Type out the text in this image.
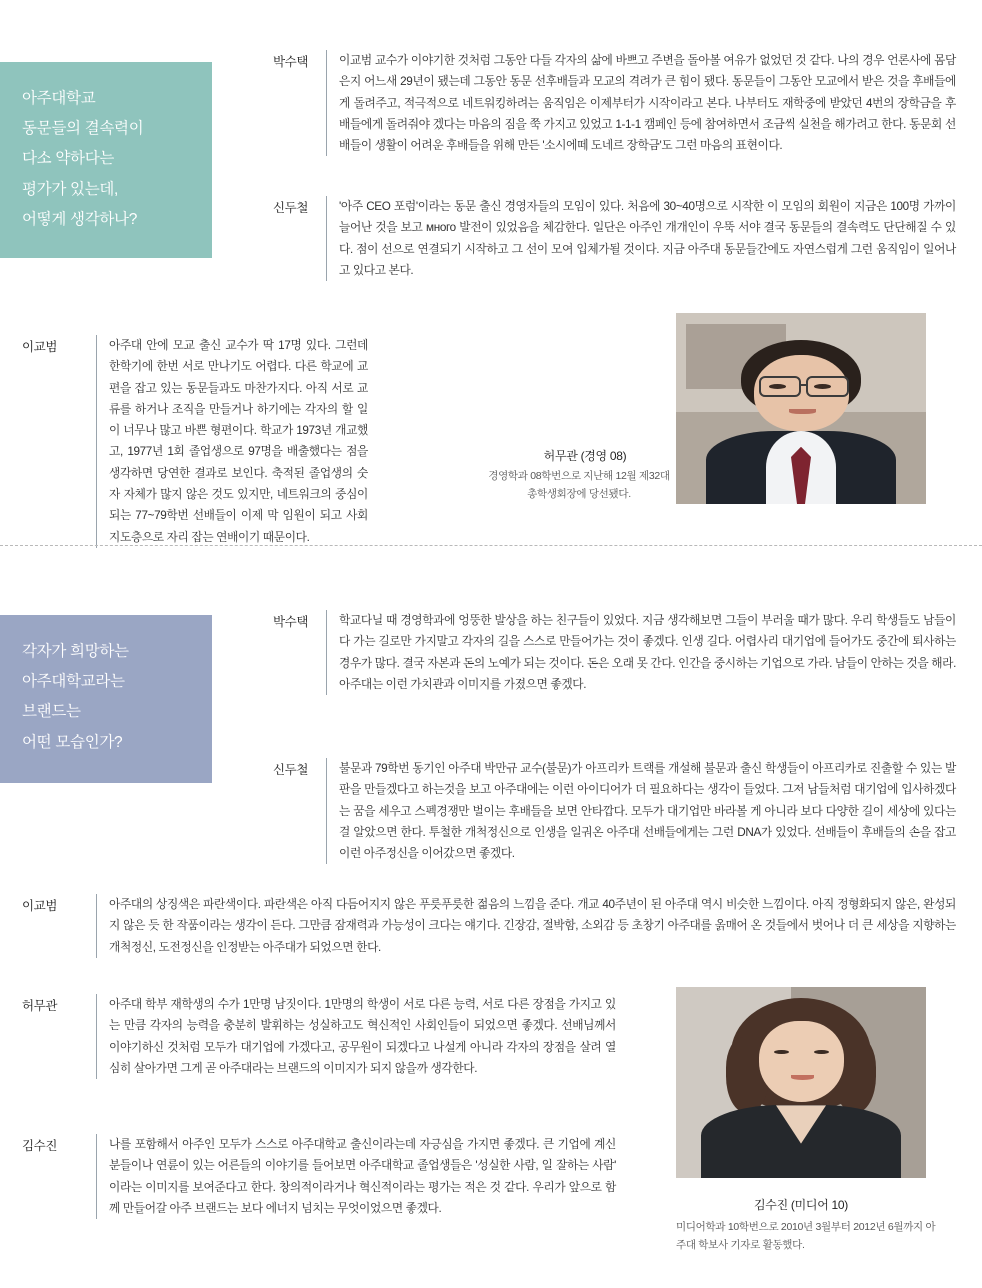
아주대학교
동문들의 결속력이
다소 약하다는
평가가 있는데,
어떻게 생각하나?
박수택	이교범 교수가 이야기한 것처럼 그동안 다들 각자의 삶에 바쁘고 주변을 돌아볼 여유가 없었던 것 같다. 나의 경우 언론사에 몸담은지 어느새 29년이 됐는데 그동안 동문 선후배들과 모교의 격려가 큰 힘이 됐다. 동문들이 그동안 모교에서 받은 것을 후배들에게 돌려주고, 적극적으로 네트워킹하려는 움직임은 이제부터가 시작이라고 본다. 나부터도 재학중에 받았던 4번의 장학금을 후배들에게 돌려줘야 겠다는 마음의 짐을 쭉 가지고 있었고 1-1-1 캠페인 등에 참여하면서 조금씩 실천을 해가려고 한다. 동문회 선배들이 생활이 어려운 후배들을 위해 만든 '소시에떼 도네르 장학금'도 그런 마음의 표현이다.
신두철	'아주 CEO 포럼'이라는 동문 출신 경영자들의 모임이 있다. 처음에 30~40명으로 시작한 이 모임의 회원이 지금은 100명 가까이 늘어난 것을 보고 много 발전이 있었음을 체감한다. 일단은 아주인 개개인이 우뚝 서야 결국 동문들의 결속력도 단단해질 수 있다. 점이 선으로 연결되기 시작하고 그 선이 모여 입체가될 것이다. 지금 아주대 동문들간에도 자연스럽게 그런 움직임이 일어나고 있다고 본다.
이교범	아주대 안에 모교 출신 교수가 딱 17명 있다. 그런데 한학기에 한번 서로 만나기도 어렵다. 다른 학교에 교편을 잡고 있는 동문들과도 마찬가지다. 아직 서로 교류를 하거나 조직을 만들거나 하기에는 각자의 할 일이 너무나 많고 바쁜 형편이다. 학교가 1973년 개교했고, 1977년 1회 졸업생으로 97명을 배출했다는 점을 생각하면 당연한 결과로 보인다. 축적된 졸업생의 숫자 자체가 많지 않은 것도 있지만, 네트워크의 중심이 되는 77~79학번 선배들이 이제 막 임원이 되고 사회 지도층으로 자리 잡는 연배이기 때문이다.
허무관 (경영 08)
경영학과 08학번으로 지난해 12월 제32대 총학생회장에 당선됐다.
각자가 희망하는
아주대학교라는
브랜드는
어떤 모습인가?
박수택	학교다닐 때 경영학과에 엉뚱한 발상을 하는 친구들이 있었다. 지금 생각해보면 그들이 부러울 때가 많다. 우리 학생들도 남들이 다 가는 길로만 가지말고 각자의 길을 스스로 만들어가는 것이 좋겠다. 인생 길다. 어렵사리 대기업에 들어가도 중간에 퇴사하는 경우가 많다. 결국 자본과 돈의 노예가 되는 것이다. 돈은 오래 못 간다. 인간을 중시하는 기업으로 가라. 남들이 안하는 것을 해라. 아주대는 이런 가치관과 이미지를 가졌으면 좋겠다.
신두철	불문과 79학번 동기인 아주대 박만규 교수(불문)가 아프리카 트랙를 개설해 불문과 출신 학생들이 아프리카로 진출할 수 있는 발판을 만들겠다고 하는것을 보고 아주대에는 이런 아이디어가 더 필요하다는 생각이 들었다. 그저 남들처럼 대기업에 입사하겠다는 꿈을 세우고 스펙경쟁만 벌이는 후배들을 보면 안타깝다. 모두가 대기업만 바라볼 게 아니라 보다 다양한 길이 세상에 있다는 걸 알았으면 한다. 투철한 개척정신으로 인생을 일궈온 아주대 선배들에게는 그런 DNA가 있었다. 선배들이 후배들의 손을 잡고 이런 아주정신을 이어갔으면 좋겠다.
이교범	아주대의 상징색은 파란색이다. 파란색은 아직 다듬어지지 않은 푸릇푸릇한 젊음의 느낌을 준다. 개교 40주년이 된 아주대 역시 비슷한 느낌이다. 아직 정형화되지 않은, 완성되지 않은 듯 한 작품이라는 생각이 든다. 그만큼 잠재력과 가능성이 크다는 얘기다. 긴장감, 절박함, 소외감 등 초창기 아주대를 옭매어 온 것들에서 벗어나 더 큰 세상을 지향하는 개척정신, 도전정신을 인정받는 아주대가 되었으면 한다.
허무관	아주대 학부 재학생의 수가 1만명 남짓이다. 1만명의 학생이 서로 다른 능력, 서로 다른 장점을 가지고 있는 만큼 각자의 능력을 충분히 발휘하는 성실하고도 혁신적인 사회인들이 되었으면 좋겠다. 선배님께서 이야기하신 것처럼 모두가 대기업에 가겠다고, 공무원이 되겠다고 나설게 아니라 각자의 장점을 살려 열심히 살아가면 그게 곧 아주대라는 브랜드의 이미지가 되지 않을까 생각한다.
김수진	나를 포함해서 아주인 모두가 스스로 아주대학교 출신이라는데 자긍심을 가지면 좋겠다. 큰 기업에 계신 분들이나 연륜이 있는 어른들의 이야기를 들어보면 아주대학교 졸업생들은 '성실한 사람, 일 잘하는 사람' 이라는 이미지를 보여준다고 한다. 창의적이라거나 혁신적이라는 평가는 적은 것 같다. 우리가 앞으로 함께 만들어갈 아주 브랜드는 보다 에너지 넘치는 무엇이었으면 좋겠다.	김수진 (미디어 10)
미디어학과 10학번으로 2010년 3월부터 2012년 6월까지 아주대 학보사 기자로 활동했다.
